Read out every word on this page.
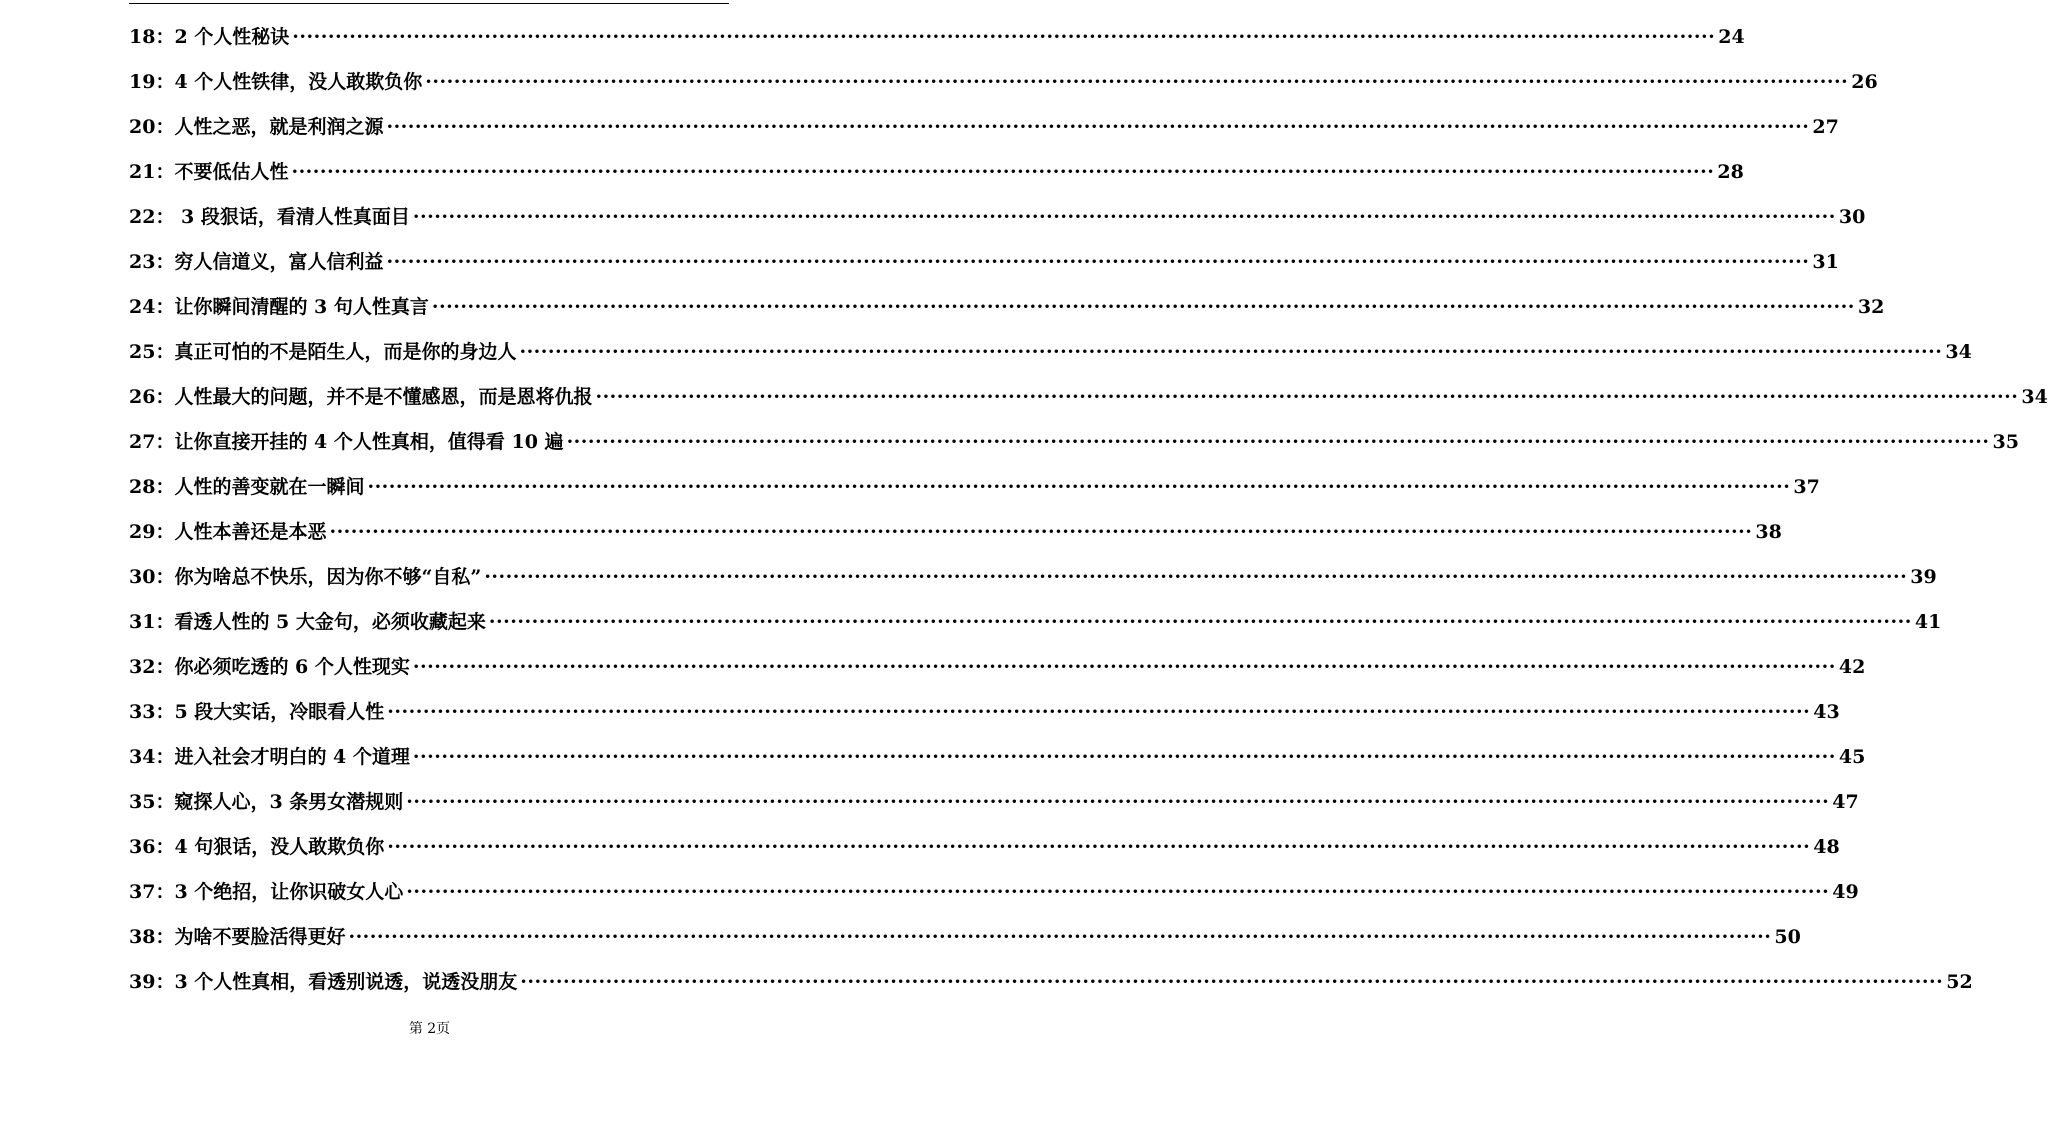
18：2 个人性秘诀 ········································································································································································································ 24
19：4 个人性铁律，没人敢欺负你 ········································································································································································································ 26
20：人性之恶，就是利润之源 ········································································································································································································ 27
21：不要低估人性 ········································································································································································································ 28
22： 3 段狠话，看清人性真面目 ········································································································································································································ 30
23：穷人信道义，富人信利益 ········································································································································································································ 31
24：让你瞬间清醒的 3 句人性真言 ········································································································································································································ 32
25：真正可怕的不是陌生人，而是你的身边人 ········································································································································································································ 34
26：人性最大的问题，并不是不懂感恩，而是恩将仇报 ········································································································································································································ 34
27：让你直接开挂的 4 个人性真相，值得看 10 遍 ········································································································································································································ 35
28：人性的善变就在一瞬间 ········································································································································································································ 37
29：人性本善还是本恶 ········································································································································································································ 38
30：你为啥总不快乐，因为你不够“自私” ········································································································································································································ 39
31：看透人性的 5 大金句，必须收藏起来 ········································································································································································································ 41
32：你必须吃透的 6 个人性现实 ········································································································································································································ 42
33：5 段大实话，冷眼看人性 ········································································································································································································ 43
34：进入社会才明白的 4 个道理 ········································································································································································································ 45
35：窥探人心，3 条男女潜规则 ········································································································································································································ 47
36：4 句狠话，没人敢欺负你 ········································································································································································································ 48
37：3 个绝招，让你识破女人心 ········································································································································································································ 49
38：为啥不要脸活得更好 ········································································································································································································ 50
39：3 个人性真相，看透别说透，说透没朋友 ········································································································································································································ 52
第 2页
